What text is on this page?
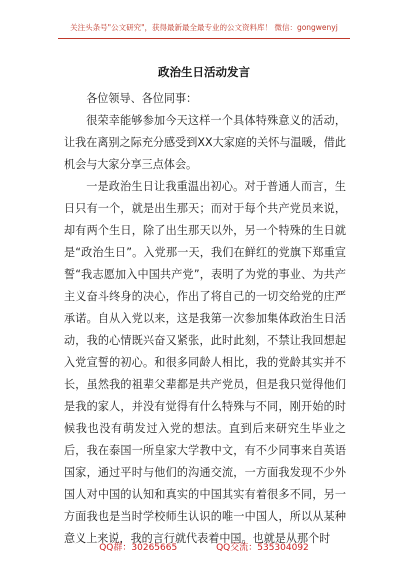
关注头条号"公文研究"，获得最新最全最专业的公文资料库！ 微信：gongwenyj
政治生日活动发言

各位领导、各位同事：

很荣幸能够参加今天这样一个具体特殊意义的活动，让我在离别之际充分感受到XX大家庭的关怀与温暖，借此机会与大家分享三点体会。

一是政治生日让我重温出初心。对于普通人而言，生日只有一个，就是出生那天；而对于每个共产党员来说，却有两个生日，除了出生那天以外，另一个特殊的生日就是“政治生日”。入党那一天，我们在鲜红的党旗下郑重宣誓“我志愿加入中国共产党”，表明了为党的事业、为共产主义奋斗终身的决心，作出了将自己的一切交给党的庄严承诺。自从入党以来，这是我第一次参加集体政治生日活动，我的心情既兴奋又紧张，此时此刻，不禁让我回想起入党宣誓的初心。和很多同龄人相比，我的党龄其实并不长，虽然我的祖辈父辈都是共产党员，但是我只觉得他们是我的家人，并没有觉得有什么特殊与不同，刚开始的时候我也没有萌发过入党的想法。直到后来研究生毕业之后，我在泰国一所皇家大学教中文，有不少同事来自英语国家，通过平时与他们的沟通交流，一方面我发现不少外国人对中国的认知和真实的中国其实有着很多不同，另一方面我也是当时学校师生认识的唯一中国人，所以从某种意义上来说，我的言行就代表着中国。也就是从那个时

QQ群：30265665	QQ交流：535304092
